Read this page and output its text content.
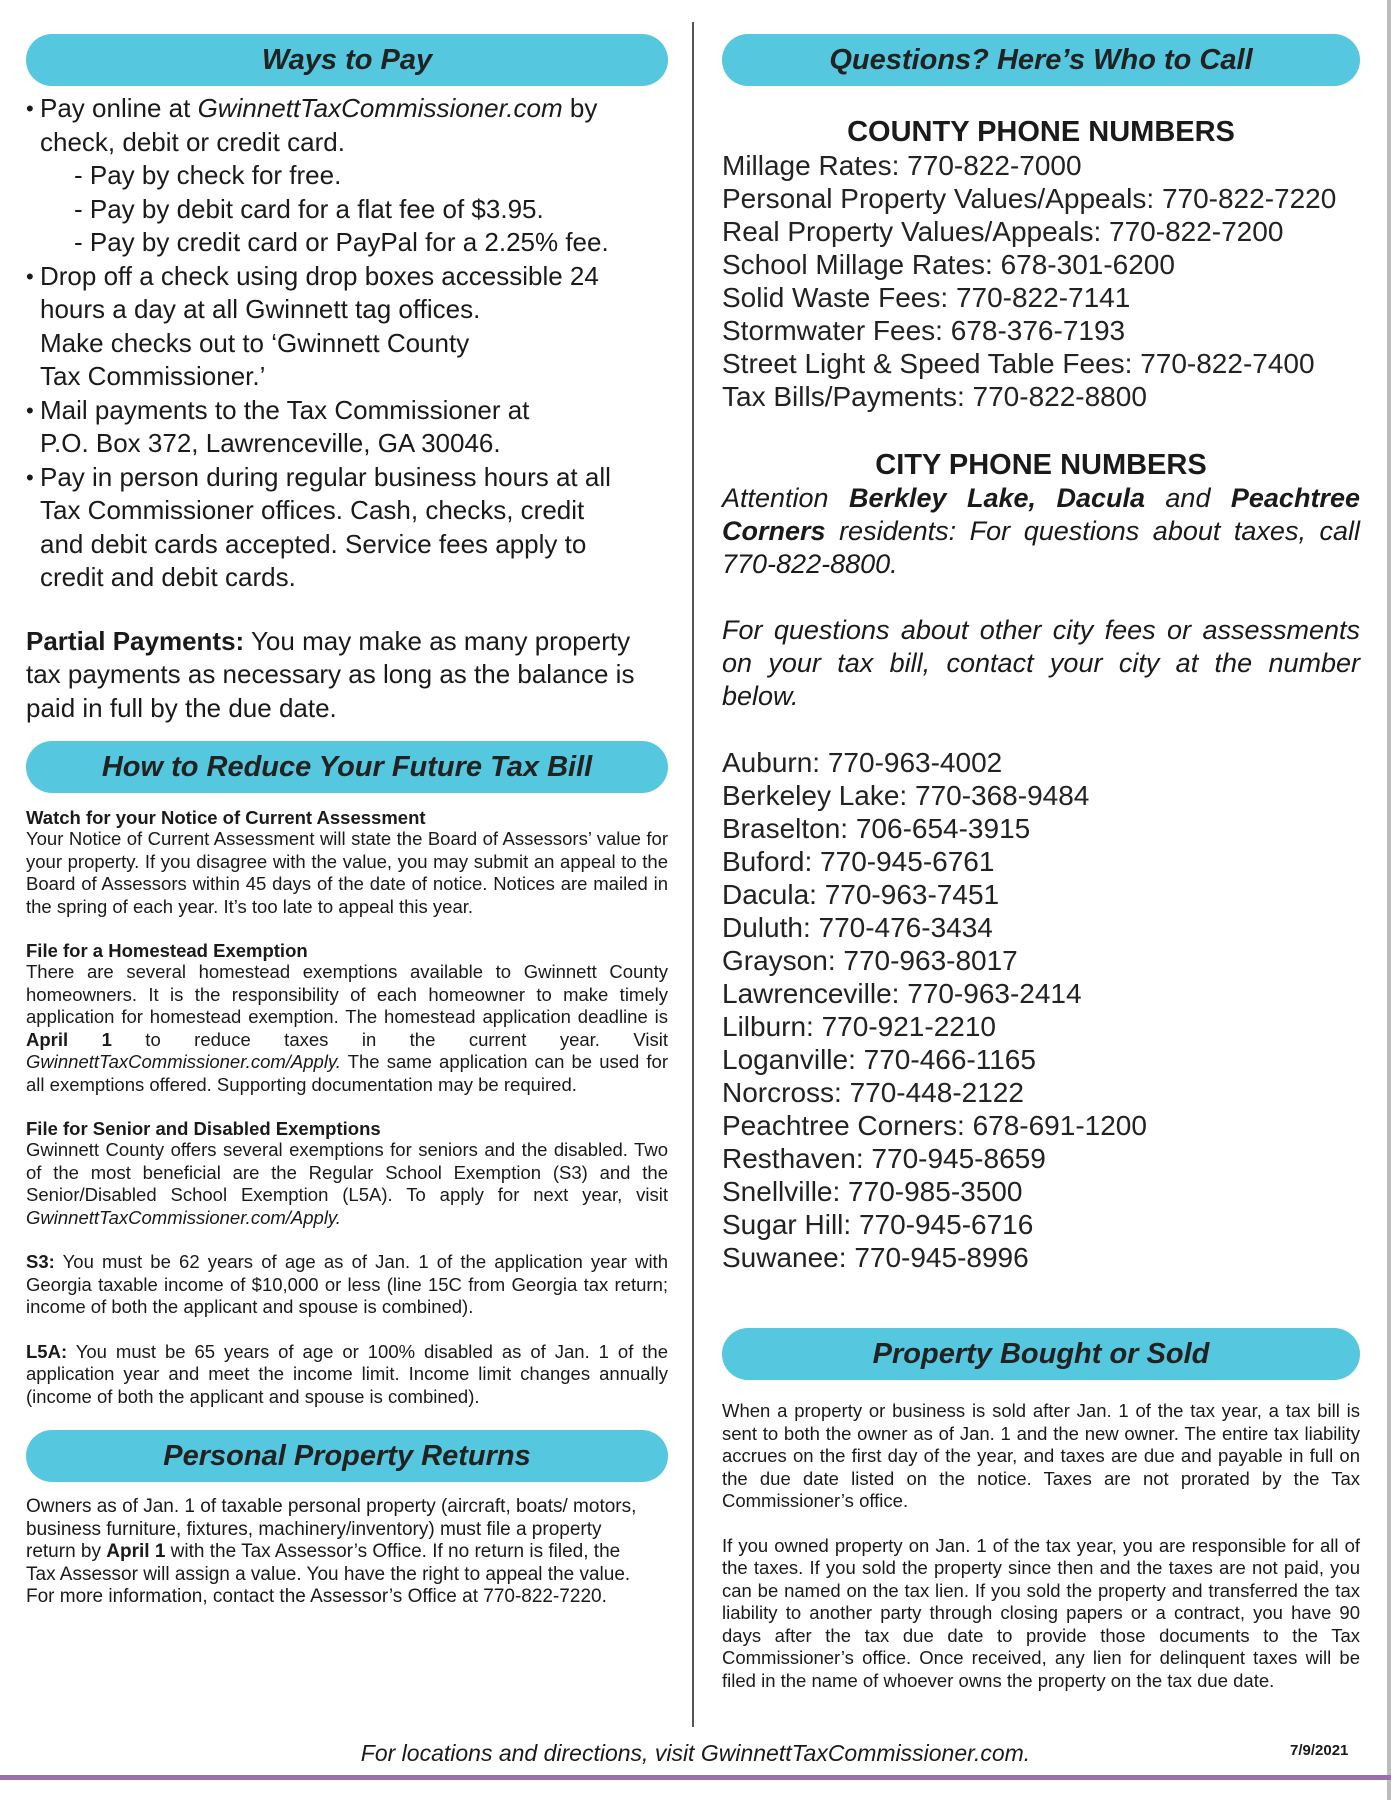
Ways to Pay
• Pay online at GwinnettTaxCommissioner.com by
check, debit or credit card.
- Pay by check for free.
- Pay by debit card for a flat fee of $3.95.
- Pay by credit card or PayPal for a 2.25% fee.
• Drop off a check using drop boxes accessible 24
hours a day at all Gwinnett tag offices.
Make checks out to ‘Gwinnett County
Tax Commissioner.’
• Mail payments to the Tax Commissioner at
P.O. Box 372, Lawrenceville, GA 30046.
• Pay in person during regular business hours at all
Tax Commissioner offices. Cash, checks, credit
and debit cards accepted. Service fees apply to
credit and debit cards.
Partial Payments: You may make as many property tax payments as necessary as long as the balance is paid in full by the due date.
How to Reduce Your Future Tax Bill
Watch for your Notice of Current Assessment

Your Notice of Current Assessment will state the Board of Assessors’ value for your property. If you disagree with the value, you may submit an appeal to the Board of Assessors within 45 days of the date of notice. Notices are mailed in the spring of each year. It’s too late to appeal this year.

File for a Homestead Exemption

There are several homestead exemptions available to Gwinnett County homeowners. It is the responsibility of each homeowner to make timely application for homestead exemption. The homestead application deadline is April 1 to reduce taxes in the current year. Visit GwinnettTaxCommissioner.com/Apply. The same application can be used for all exemptions offered. Supporting documentation may be required.

File for Senior and Disabled Exemptions

Gwinnett County offers several exemptions for seniors and the disabled. Two of the most beneficial are the Regular School Exemption (S3) and the Senior/Disabled School Exemption (L5A). To apply for next year, visit GwinnettTaxCommissioner.com/Apply.

S3: You must be 62 years of age as of Jan. 1 of the application year with Georgia taxable income of $10,000 or less (line 15C from Georgia tax return; income of both the applicant and spouse is combined).

L5A: You must be 65 years of age or 100% disabled as of Jan. 1 of the application year and meet the income limit. Income limit changes annually (income of both the applicant and spouse is combined).

Personal Property Returns

Owners as of Jan. 1 of taxable personal property (aircraft, boats/ motors, business furniture, fixtures, machinery/inventory) must file a property return by April 1 with the Tax Assessor’s Office. If no return is filed, the Tax Assessor will assign a value. You have the right to appeal the value. For more information, contact the Assessor’s Office at 770-822-7220.

Questions? Here’s Who to Call
COUNTY PHONE NUMBERS
Millage Rates: 770-822-7000
Personal Property Values/Appeals: 770-822-7220
Real Property Values/Appeals: 770-822-7200
School Millage Rates: 678-301-6200
Solid Waste Fees: 770-822-7141
Stormwater Fees: 678-376-7193
Street Light & Speed Table Fees: 770-822-7400
Tax Bills/Payments: 770-822-8800
CITY PHONE NUMBERS
Attention Berkley Lake, Dacula and Peachtree Corners residents: For questions about taxes, call 770-822-8800.
For questions about other city fees or assessments on your tax bill, contact your city at the number below.
Auburn: 770-963-4002
Berkeley Lake: 770-368-9484
Braselton: 706-654-3915
Buford: 770-945-6761
Dacula: 770-963-7451
Duluth: 770-476-3434
Grayson: 770-963-8017
Lawrenceville: 770-963-2414
Lilburn: 770-921-2210
Loganville: 770-466-1165
Norcross: 770-448-2122
Peachtree Corners: 678-691-1200
Resthaven: 770-945-8659
Snellville: 770-985-3500
Sugar Hill: 770-945-6716
Suwanee: 770-945-8996
Property Bought or Sold

When a property or business is sold after Jan. 1 of the tax year, a tax bill is sent to both the owner as of Jan. 1 and the new owner. The entire tax liability accrues on the first day of the year, and taxes are due and payable in full on the due date listed on the notice. Taxes are not prorated by the Tax Commissioner’s office.

If you owned property on Jan. 1 of the tax year, you are responsible for all of the taxes. If you sold the property since then and the taxes are not paid, you can be named on the tax lien. If you sold the property and transferred the tax liability to another party through closing papers or a contract, you have 90 days after the tax due date to provide those documents to the Tax Commissioner’s office. Once received, any lien for delinquent taxes will be filed in the name of whoever owns the property on the tax due date.

For locations and directions, visit GwinnettTaxCommissioner.com.	7/9/2021
